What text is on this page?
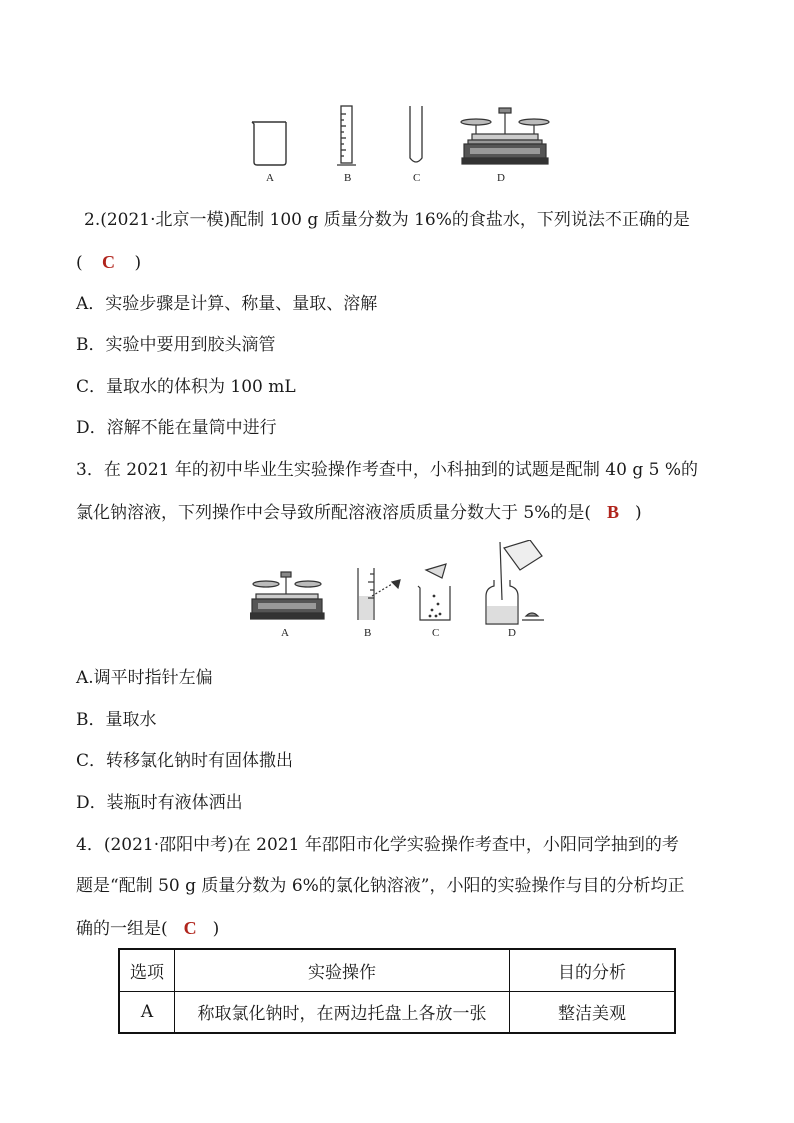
A	B	C	D
2.(2021·北京一模)配制 100 g 质量分数为 16%的食盐水，下列说法不正确的是
( C )
A．实验步骤是计算、称量、量取、溶解
B．实验中要用到胶头滴管
C．量取水的体积为 100 mL
D．溶解不能在量筒中进行
3．在 2021 年的初中毕业生实验操作考查中，小科抽到的试题是配制 40 g 5 %的
氯化钠溶液，下列操作中会导致所配溶液溶质质量分数大于 5%的是( B )
A	B	C	D
A.调平时指针左偏
B．量取水
C．转移氯化钠时有固体撒出
D．装瓶时有液体洒出
4．(2021·邵阳中考)在 2021 年邵阳市化学实验操作考查中，小阳同学抽到的考
题是“配制 50 g 质量分数为 6%的氯化钠溶液”，小阳的实验操作与目的分析均正
确的一组是( C )
选项	实验操作	目的分析
A	称取氯化钠时，在两边托盘上各放一张	整洁美观
